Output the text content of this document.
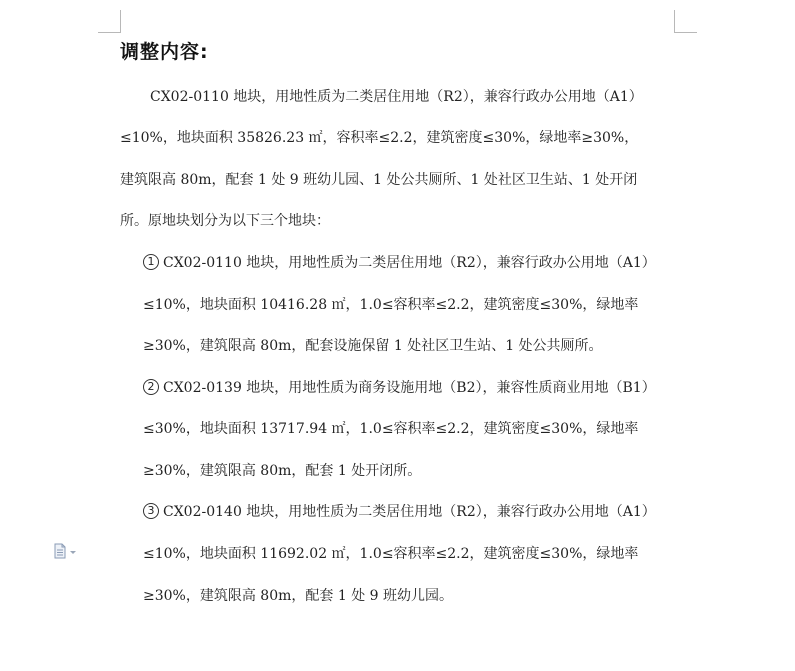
调整内容:
CX02-0110 地块，用地性质为二类居住用地（R2），兼容行政办公用地（A1）
≤10%，地块面积 35826.23 ㎡，容积率≤2.2，建筑密度≤30%，绿地率≥30%，
建筑限高 80m，配套 1 处 9 班幼儿园、1 处公共厕所、1 处社区卫生站、1 处开闭
所。原地块划分为以下三个地块：
1 CX02-0110 地块，用地性质为二类居住用地（R2），兼容行政办公用地（A1）
≤10%，地块面积 10416.28 ㎡，1.0≤容积率≤2.2，建筑密度≤30%，绿地率
≥30%，建筑限高 80m，配套设施保留 1 处社区卫生站、1 处公共厕所。
2 CX02-0139 地块，用地性质为商务设施用地（B2），兼容性质商业用地（B1）
≤30%，地块面积 13717.94 ㎡，1.0≤容积率≤2.2，建筑密度≤30%，绿地率
≥30%，建筑限高 80m，配套 1 处开闭所。
3 CX02-0140 地块，用地性质为二类居住用地（R2），兼容行政办公用地（A1）
≤10%，地块面积 11692.02 ㎡，1.0≤容积率≤2.2，建筑密度≤30%，绿地率
≥30%，建筑限高 80m，配套 1 处 9 班幼儿园。
